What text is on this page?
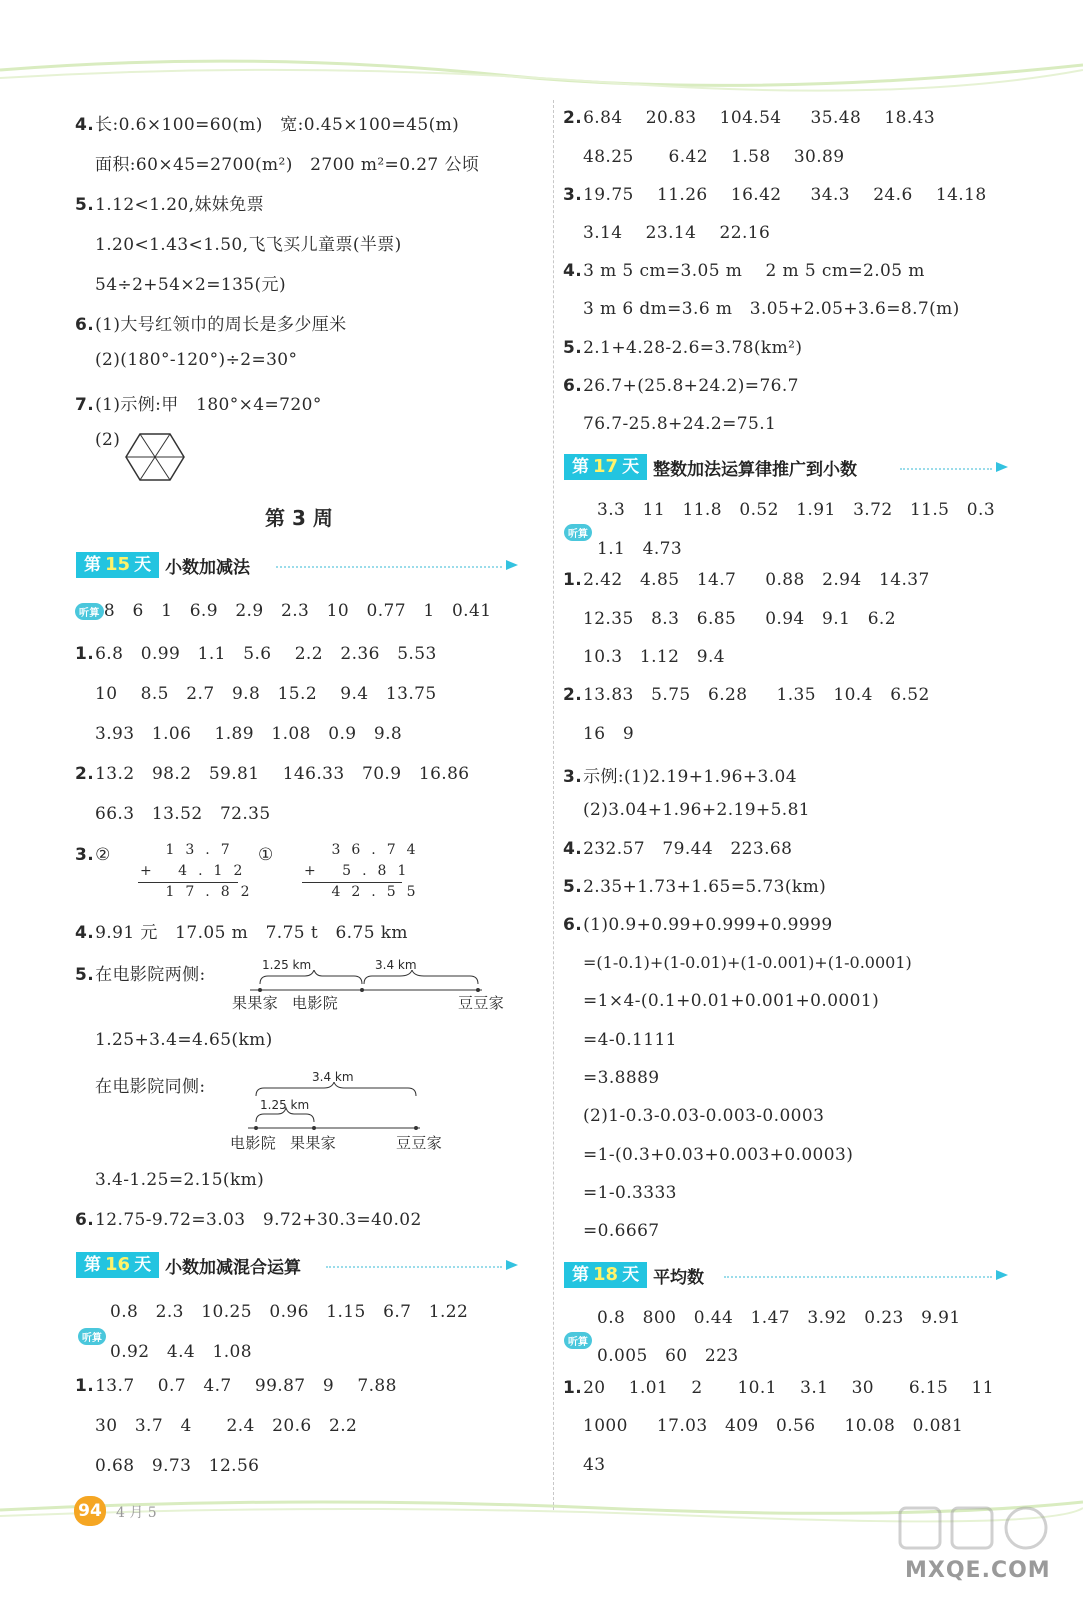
4.长:0.6×100=60(m)   宽:0.45×100=45(m)
面积:60×45=2700(m²)   2700 m²=0.27 公顷
5.1.12<1.20,妹妹免票
1.20<1.43<1.50,飞飞买儿童票(半票)
54÷2+54×2=135(元)
6.(1)大号红领巾的周长是多少厘米
(2)(180°-120°)÷2=30°
7.(1)示例:甲   180°×4=720°
(2)
第 3 周
第 15 天 小数加减法
听算 8   6   1   6.9   2.9   2.3   10   0.77   1   0.41
1.6.8   0.99   1.1   5.6    2.2   2.36   5.53
10    8.5   2.7   9.8   15.2    9.4   13.75
3.93   1.06    1.89   1.08   0.9   9.8
2.13.2   98.2   59.81    146.33   70.9   16.86
66.3   13.52   72.35
3.②	13.7
+ 4.12
17.82
①	36.74
+ 5.81
42.55
4.9.91 元   17.05 m   7.75 t   6.75 km
5.在电影院两侧:	1.25 km	3.4 km
果果家 电影院	豆豆家
1.25+3.4=4.65(km)
在电影院同侧:	3.4 km
1.25 km
电影院 果果家	豆豆家
3.4-1.25=2.15(km)
6.12.75-9.72=3.03   9.72+30.3=40.02
第 16 天 小数加减混合运算
0.8   2.3   10.25   0.96   1.15   6.7   1.22
听算
0.92   4.4   1.08
1.13.7    0.7   4.7    99.87   9    7.88
30   3.7   4      2.4   20.6   2.2
0.68   9.73   12.56
2.6.84    20.83    104.54     35.48    18.43
48.25      6.42    1.58    30.89
3.19.75    11.26    16.42     34.3    24.6    14.18
3.14    23.14    22.16
4.3 m 5 cm=3.05 m    2 m 5 cm=2.05 m
3 m 6 dm=3.6 m   3.05+2.05+3.6=8.7(m)
5.2.1+4.28-2.6=3.78(km²)
6.26.7+(25.8+24.2)=76.7
76.7-25.8+24.2=75.1
第 17 天 整数加法运算律推广到小数
3.3   11   11.8   0.52   1.91   3.72   11.5   0.3
听算
1.1   4.73
1.2.42   4.85   14.7     0.88   2.94   14.37
12.35   8.3   6.85     0.94   9.1   6.2
10.3   1.12   9.4
2.13.83   5.75   6.28     1.35   10.4   6.52
16   9
3.示例:(1)2.19+1.96+3.04
(2)3.04+1.96+2.19+5.81
4.232.57   79.44   223.68
5.2.35+1.73+1.65=5.73(km)
6.(1)0.9+0.99+0.999+0.9999
=(1-0.1)+(1-0.01)+(1-0.001)+(1-0.0001)
=1×4-(0.1+0.01+0.001+0.0001)
=4-0.1111
=3.8889
(2)1-0.3-0.03-0.003-0.0003
=1-(0.3+0.03+0.003+0.0003)
=1-0.3333
=0.6667
第 18 天 平均数
0.8   800   0.44   1.47   3.92   0.23   9.91
听算
0.005   60   223
1.20    1.01    2      10.1    3.1    30      6.15    11
1000     17.03   409   0.56     10.08   0.081
43
94 4 月 5
MXQE.COM
